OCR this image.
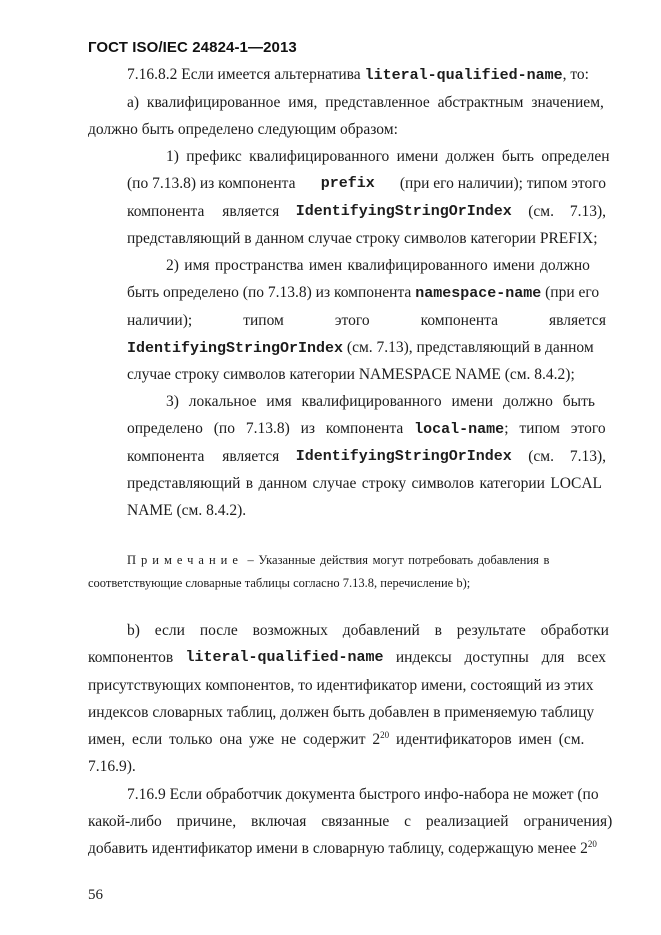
ГОСТ ISO/IEC 24824-1—2013
7.16.8.2 Если имеется альтернатива literal-qualified-name, то:
а) квалифицированное имя, представленное абстрактным значением,
должно быть определено следующим образом:
1) префикс квалифицированного имени должен быть определен
(по 7.13.8) из компонента prefix (при его наличии); типом этого
компонента является IdentifyingStringOrIndex (см. 7.13),
представляющий в данном случае строку символов категории PREFIX;
2) имя пространства имен квалифицированного имени должно
быть определено (по 7.13.8) из компонента namespace-name (при его
наличии);	типом	этого	компонента	является
IdentifyingStringOrIndex (см. 7.13), представляющий в данном
случае строку символов категории NAMESPACE NAME (см. 8.4.2);
3) локальное имя квалифицированного имени должно быть
определено (по 7.13.8) из компонента local-name; типом этого
компонента является IdentifyingStringOrIndex (см. 7.13),
представляющий в данном случае строку символов категории LOCAL
NAME (см. 8.4.2).
Примечание – Указанные действия могут потребовать добавления в
соответствующие словарные таблицы согласно 7.13.8, перечисление b);
b) если после возможных добавлений в результате обработки
компонентов literal-qualified-name индексы доступны для всех
присутствующих компонентов, то идентификатор имени, состоящий из этих
индексов словарных таблиц, должен быть добавлен в применяемую таблицу
имен, если только она уже не содержит $2^{20}$ идентификаторов имен (см.
7.16.9).
7.16.9 Если обработчик документа быстрого инфо-набора не может (по
какой-либо причине, включая связанные с реализацией ограничения)
добавить идентификатор имени в словарную таблицу, содержащую менее $2^{20}$
56
